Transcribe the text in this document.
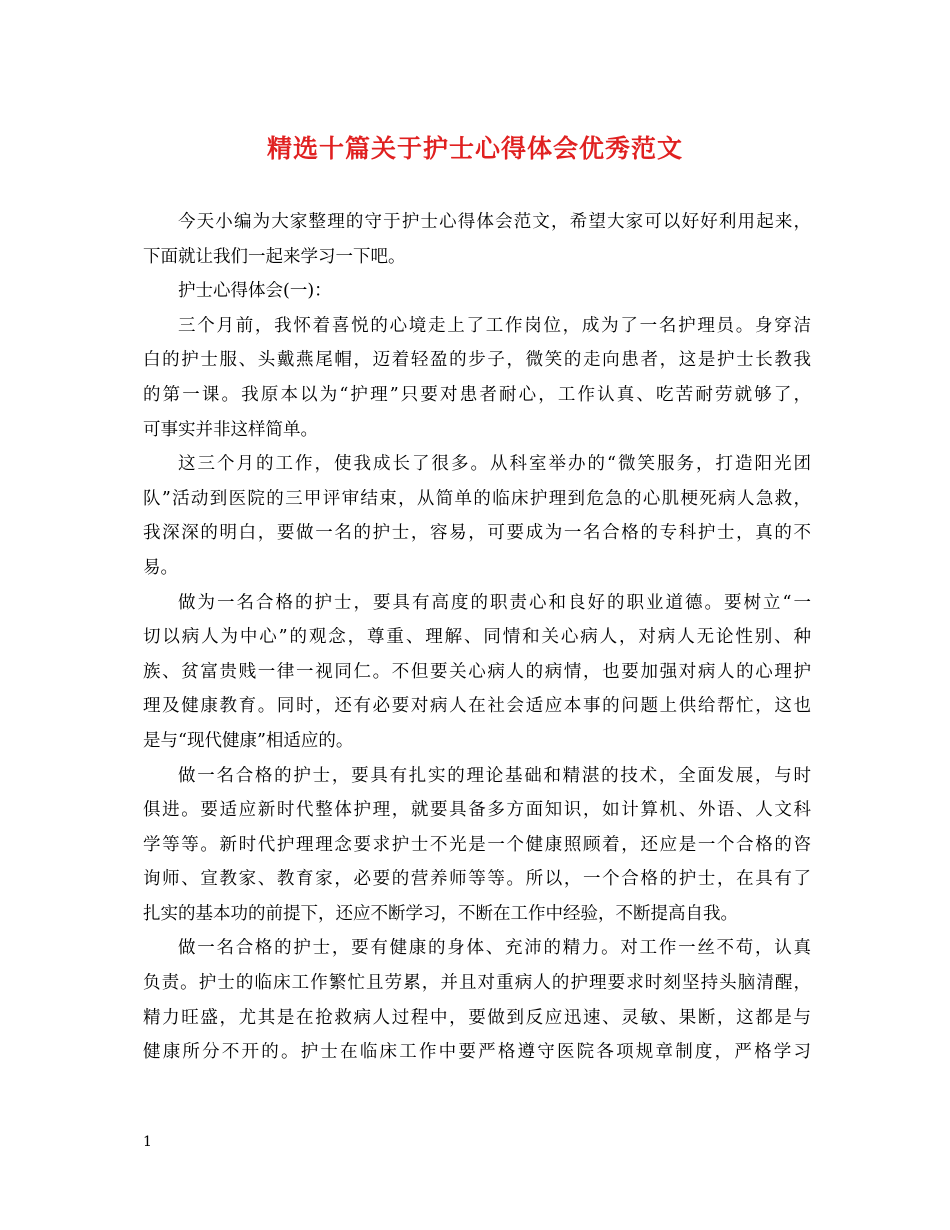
精选十篇关于护士心得体会优秀范文
今天小编为大家整理的守于护士心得体会范文，希望大家可以好好利用起来，
下面就让我们一起来学习一下吧。
护士心得体会(一)：
三个月前，我怀着喜悦的心境走上了工作岗位，成为了一名护理员。身穿洁
白的护士服、头戴燕尾帽，迈着轻盈的步子，微笑的走向患者，这是护士长教我
的第一课。我原本以为“护理”只要对患者耐心，工作认真、吃苦耐劳就够了，
可事实并非这样简单。
这三个月的工作，使我成长了很多。从科室举办的“微笑服务，打造阳光团
队”活动到医院的三甲评审结束，从简单的临床护理到危急的心肌梗死病人急救，
我深深的明白，要做一名的护士，容易，可要成为一名合格的专科护士，真的不
易。
做为一名合格的护士，要具有高度的职责心和良好的职业道德。要树立“一
切以病人为中心”的观念，尊重、理解、同情和关心病人，对病人无论性别、种
族、贫富贵贱一律一视同仁。不但要关心病人的病情，也要加强对病人的心理护
理及健康教育。同时，还有必要对病人在社会适应本事的问题上供给帮忙，这也
是与“现代健康”相适应的。
做一名合格的护士，要具有扎实的理论基础和精湛的技术，全面发展，与时
俱进。要适应新时代整体护理，就要具备多方面知识，如计算机、外语、人文科
学等等。新时代护理理念要求护士不光是一个健康照顾着，还应是一个合格的咨
询师、宣教家、教育家，必要的营养师等等。所以，一个合格的护士，在具有了
扎实的基本功的前提下，还应不断学习，不断在工作中经验，不断提高自我。
做一名合格的护士，要有健康的身体、充沛的精力。对工作一丝不苟，认真
负责。护士的临床工作繁忙且劳累，并且对重病人的护理要求时刻坚持头脑清醒，
精力旺盛，尤其是在抢救病人过程中，要做到反应迅速、灵敏、果断，这都是与
健康所分不开的。护士在临床工作中要严格遵守医院各项规章制度，严格学习
1
